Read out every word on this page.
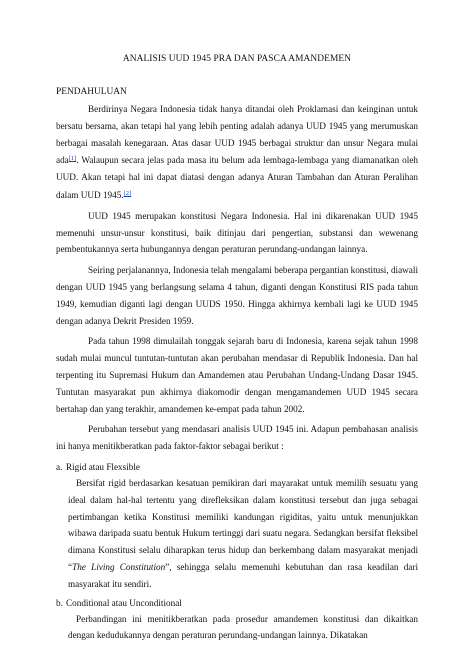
ANALISIS UUD 1945 PRA DAN PASCA AMANDEMEN
PENDAHULUAN

Berdirinya Negara Indonesia tidak hanya ditandai oleh Proklamasi dan keinginan untuk bersatu bersama, akan tetapi hal yang lebih penting adalah adanya UUD 1945 yang merumuskan berbagai masalah kenegaraan. Atas dasar UUD 1945 berbagai struktur dan unsur Negara mulai ada[1]. Walaupun secara jelas pada masa itu belum ada lembaga-lembaga yang diamanatkan oleh UUD. Akan tetapi hal ini dapat diatasi dengan adanya Aturan Tambahan dan Aturan Peralihan dalam UUD 1945.[2]

UUD 1945 merupakan konstitusi Negara Indonesia. Hal ini dikarenakan UUD 1945 memenuhi unsur-unsur konstitusi, baik ditinjau dari pengertian, substansi dan wewenang pembentukannya serta hubungannya dengan peraturan perundang-undangan lainnya.

Seiring perjalanannya, Indonesia telah mengalami beberapa pergantian konstitusi, diawali dengan UUD 1945 yang berlangsung selama 4 tahun, diganti dengan Konstitusi RIS pada tahun 1949, kemudian diganti lagi dengan UUDS 1950. Hingga akhirnya kembali lagi ke UUD 1945 dengan adanya Dekrit Presiden 1959.

Pada tahun 1998 dimulailah tonggak sejarah baru di Indonesia, karena sejak tahun 1998 sudah mulai muncul tuntutan-tuntutan akan perubahan mendasar di Republik Indonesia. Dan hal terpenting itu Supremasi Hukum dan Amandemen atau Perubahan Undang-Undang Dasar 1945. Tuntutan masyarakat pun akhirnya diakomodir dengan mengamandemen UUD 1945 secara bertahap dan yang terakhir, amandemen ke-empat pada tahun 2002.

Perubahan tersebut yang mendasari analisis UUD 1945 ini. Adapun pembahasan analisis ini hanya menitikberatkan pada faktor-faktor sebagai berikut :

a. Rigid atau Flexsible

Bersifat rigid berdasarkan kesatuan pemikiran dari mayarakat untuk memilih sesuatu yang ideal dalam hal-hal tertentu yang direfleksikan dalam konstitusi tersebut dan juga sebagai pertimbangan ketika Konstitusi memiliki kandungan rigiditas, yaitu untuk menunjukkan wibawa daripada suatu bentuk Hukum tertinggi dari suatu negara. Sedangkan bersifat fleksibel dimana Konstitusi selalu diharapkan terus hidup dan berkembang dalam masyarakat menjadi “The Living Constitution”, sehingga selalu memenuhi kebutuhan dan rasa keadilan dari masyarakat itu sendiri.

b. Conditional atau Unconditional

Perbandingan ini menitikberatkan pada prosedur amandemen konstitusi dan dikaitkan dengan kedudukannya dengan peraturan perundang-undangan lainnya. Dikatakan
